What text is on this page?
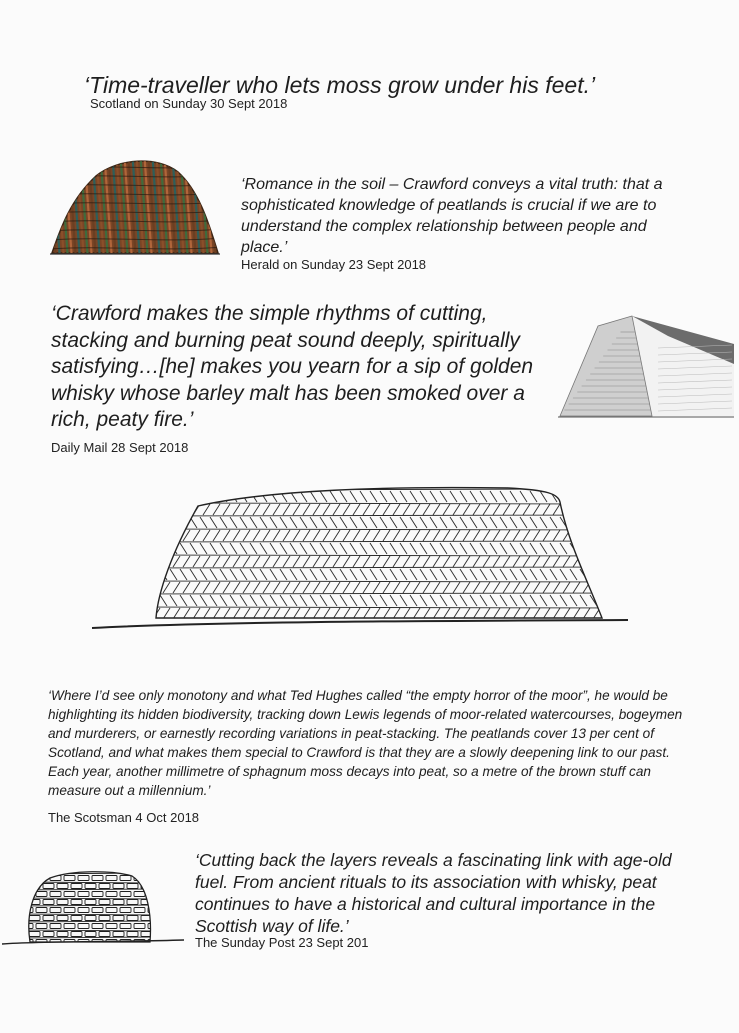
‘Time-traveller who lets moss grow under his feet.’

Scotland on Sunday 30 Sept 2018

‘Romance in the soil – Crawford conveys a vital truth: that a sophisticated knowledge of peatlands is crucial if we are to understand the complex relationship between people and place.’

Herald on Sunday 23 Sept 2018

‘Crawford makes the simple rhythms of cutting, stacking and burning peat sound deeply, spiritually satisfying…[he] makes you yearn for a sip of golden whisky whose barley malt has been smoked over a rich, peaty fire.’

Daily Mail 28 Sept 2018

‘Where I’d see only monotony and what Ted Hughes called “the empty horror of the moor”, he would be highlighting its hidden biodiversity, tracking down Lewis legends of moor-related watercourses, bogeymen and murderers, or earnestly recording variations in peat-stacking. The peatlands cover 13 per cent of Scotland, and what makes them special to Crawford is that they are a slowly deepening link to our past. Each year, another millimetre of sphagnum moss decays into peat, so a metre of the brown stuff can measure out a millennium.’

The Scotsman 4 Oct 2018

‘Cutting back the layers reveals a fascinating link with age-old fuel. From ancient rituals to its association with whisky, peat continues to have a historical and cultural importance in the Scottish way of life.’

The Sunday Post 23 Sept 201
